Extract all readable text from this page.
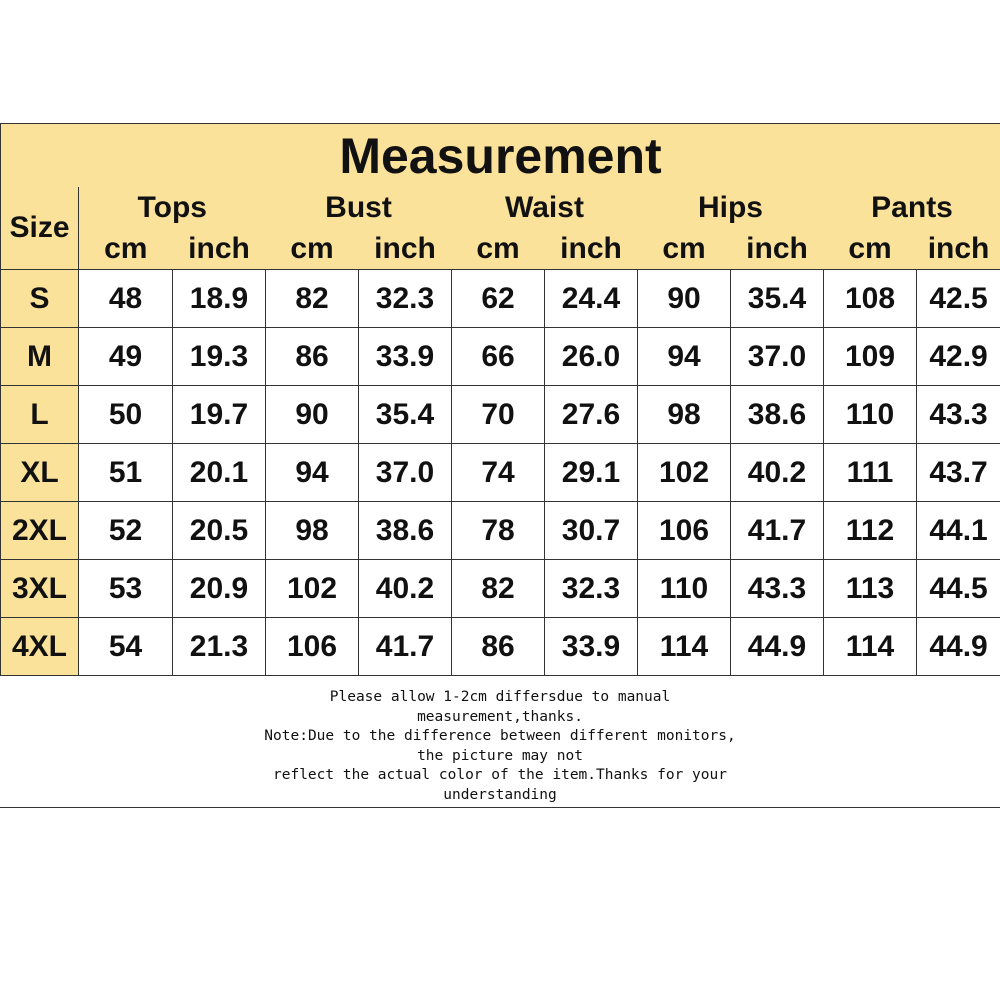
Measurement										
Size	Tops		Bust		Waist		Hips		Pants	
	cm	inch	cm	inch	cm	inch	cm	inch	cm	inch
S	48	18.9	82	32.3	62	24.4	90	35.4	108	42.5
M	49	19.3	86	33.9	66	26.0	94	37.0	109	42.9
L	50	19.7	90	35.4	70	27.6	98	38.6	110	43.3
XL	51	20.1	94	37.0	74	29.1	102	40.2	111	43.7
2XL	52	20.5	98	38.6	78	30.7	106	41.7	112	44.1
3XL	53	20.9	102	40.2	82	32.3	110	43.3	113	44.5
4XL	54	21.3	106	41.7	86	33.9	114	44.9	114	44.9
Please allow 1-2cm differsdue to manual
measurement,thanks.
Note:Due to the difference between different monitors,
the picture may not
reflect the actual color of the item.Thanks for your
understanding
